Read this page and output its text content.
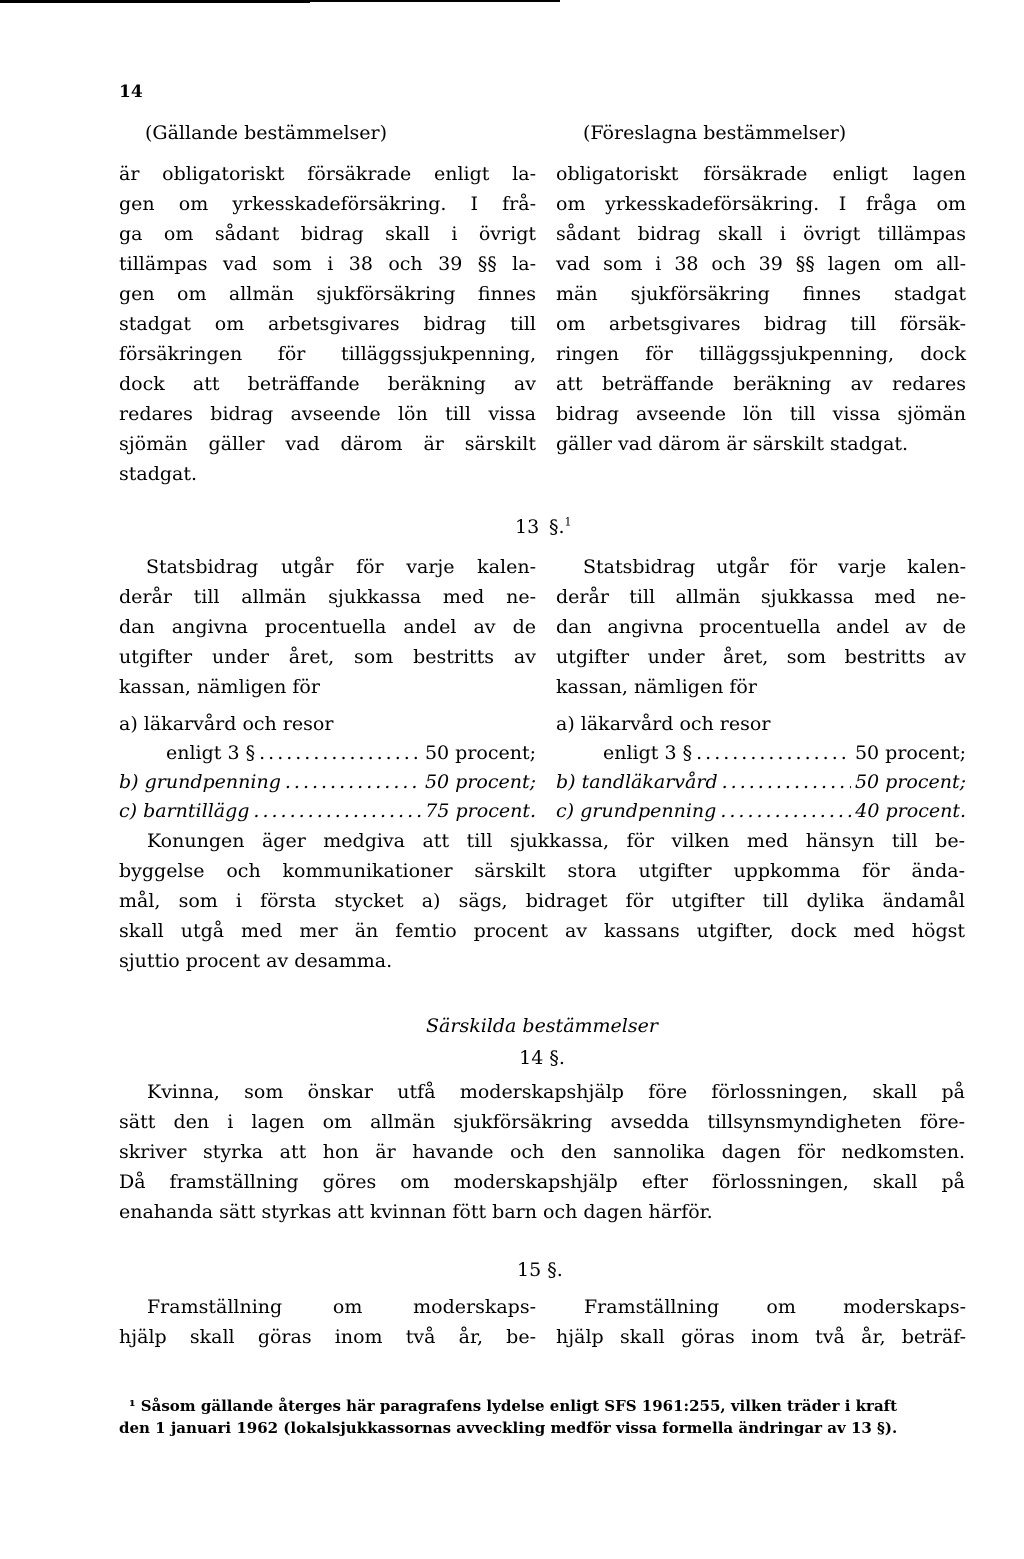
14
(Gällande bestämmelser)	(Föreslagna bestämmelser)
är obligatoriskt försäkrade enligt la-
gen om yrkesskadeförsäkring. I frå-
ga om sådant bidrag skall i övrigt
tillämpas vad som i 38 och 39 §§ la-
gen om allmän sjukförsäkring finnes
stadgat om arbetsgivares bidrag till
försäkringen för tilläggssjukpenning,
dock att beträffande beräkning av
redares bidrag avseende lön till vissa
sjömän gäller vad därom är särskilt
stadgat.
obligatoriskt försäkrade enligt lagen
om yrkesskadeförsäkring. I fråga om
sådant bidrag skall i övrigt tillämpas
vad som i 38 och 39 §§ lagen om all-
män sjukförsäkring finnes stadgat
om arbetsgivares bidrag till försäk-
ringen för tilläggssjukpenning, dock
att beträffande beräkning av redares
bidrag avseende lön till vissa sjömän
gäller vad därom är särskilt stadgat.
13 §.$^1$
Statsbidrag utgår för varje kalen-
derår till allmän sjukkassa med ne-
dan angivna procentuella andel av de
utgifter under året, som bestritts av
kassan, nämligen för
Statsbidrag utgår för varje kalen-
derår till allmän sjukkassa med ne-
dan angivna procentuella andel av de
utgifter under året, som bestritts av
kassan, nämligen för
a) läkarvård och resor
enligt 3 § .....	50 procent;
b) grundpenning .....	50 procent;
c) barntillägg .....	75 procent.
a) läkarvård och resor
enligt 3 § .....	50 procent;
b) tandläkarvård .....	50 procent;
c) grundpenning .....	40 procent.
Konungen äger medgiva att till sjukkassa, för vilken med hänsyn till be-
byggelse och kommunikationer särskilt stora utgifter uppkomma för ända-
mål, som i första stycket a) sägs, bidraget för utgifter till dylika ändamål
skall utgå med mer än femtio procent av kassans utgifter, dock med högst
sjuttio procent av desamma.
Särskilda bestämmelser
14 §.
Kvinna, som önskar utfå moderskapshjälp före förlossningen, skall på
sätt den i lagen om allmän sjukförsäkring avsedda tillsynsmyndigheten före-
skriver styrka att hon är havande och den sannolika dagen för nedkomsten.
Då framställning göres om moderskapshjälp efter förlossningen, skall på
enahanda sätt styrkas att kvinnan fött barn och dagen härför.
15 §.
Framställning om moderskaps-
hjälp skall göras inom två år, be-
Framställning om moderskaps-
hjälp skall göras inom två år, beträf-
¹ Såsom gällande återges här paragrafens lydelse enligt SFS 1961:255, vilken träder i kraft
den 1 januari 1962 (lokalsjukkassornas avveckling medför vissa formella ändringar av 13 §).
